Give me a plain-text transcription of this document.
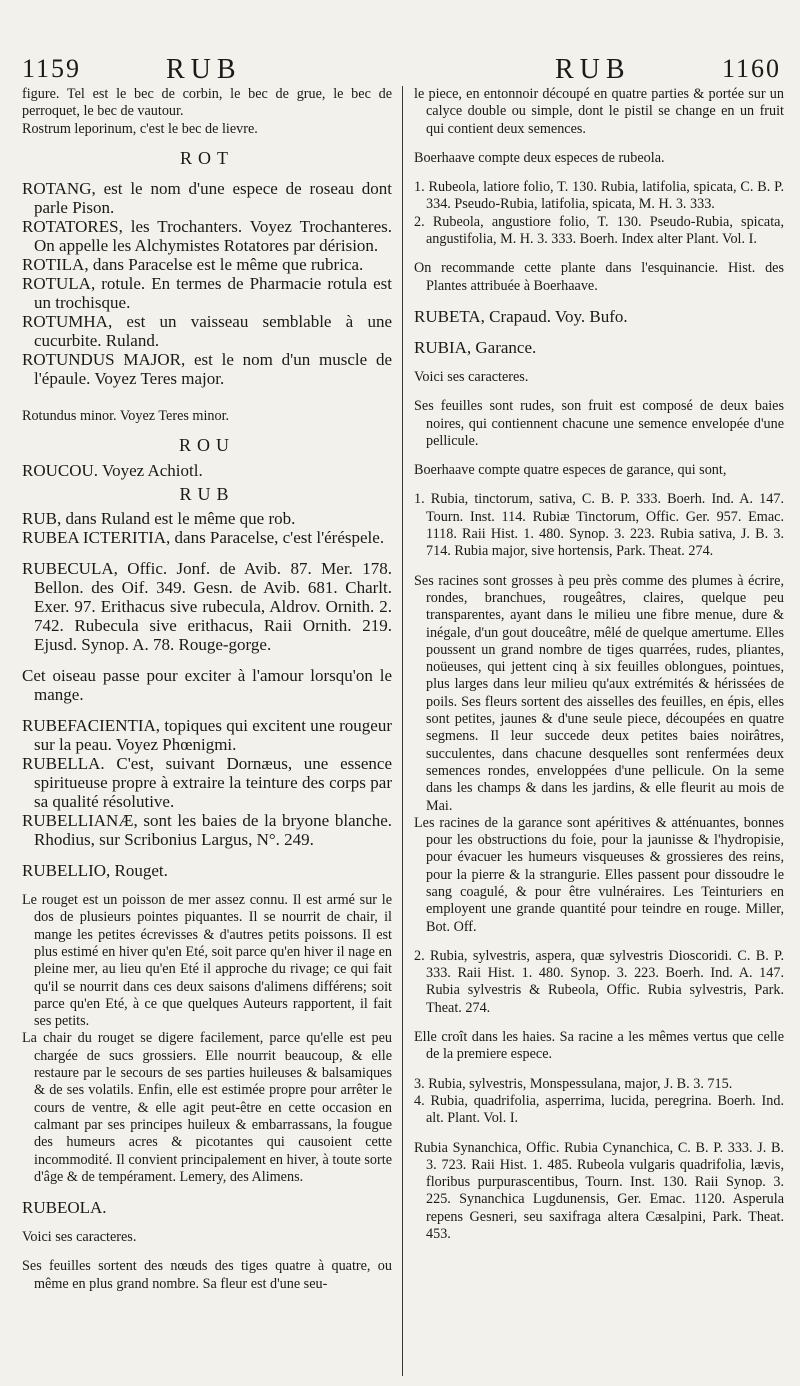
1159	RUB	RUB	1160

figure. Tel est le bec de corbin, le bec de grue, le bec de perroquet, le bec de vautour.

Rostrum leporinum, c'est le bec de lievre.

ROT

ROTANG, est le nom d'une espece de roseau dont parle Pison.

ROTATORES, les Trochanters. Voyez Trochanteres. On appelle les Alchymistes Rotatores par dérision.

ROTILA, dans Paracelse est le même que rubrica.

ROTULA, rotule. En termes de Pharmacie rotula est un trochisque.

ROTUMHA, est un vaisseau semblable à une cucurbite. Ruland.

ROTUNDUS MAJOR, est le nom d'un muscle de l'épaule. Voyez Teres major.

Rotundus minor. Voyez Teres minor.

ROU

ROUCOU. Voyez Achiotl.

RUB

RUB, dans Ruland est le même que rob.

RUBEA ICTERITIA, dans Paracelse, c'est l'éréspele.

RUBECULA, Offic. Jonf. de Avib. 87. Mer. 178. Bellon. des Oif. 349. Gesn. de Avib. 681. Charlt. Exer. 97. Erithacus sive rubecula, Aldrov. Ornith. 2. 742. Rubecula sive erithacus, Raii Ornith. 219. Ejusd. Synop. A. 78. Rouge-gorge.

Cet oiseau passe pour exciter à l'amour lorsqu'on le mange.

RUBEFACIENTIA, topiques qui excitent une rougeur sur la peau. Voyez Phœnigmi.

RUBELLA. C'est, suivant Dornæus, une essence spiritueuse propre à extraire la teinture des corps par sa qualité résolutive.

RUBELLIANÆ, sont les baies de la bryone blanche. Rhodius, sur Scribonius Largus, N°. 249.

RUBELLIO, Rouget.

Le rouget est un poisson de mer assez connu. Il est armé sur le dos de plusieurs pointes piquantes. Il se nourrit de chair, il mange les petites écrevisses & d'autres petits poissons. Il est plus estimé en hiver qu'en Eté, soit parce qu'en hiver il nage en pleine mer, au lieu qu'en Eté il approche du rivage; ce qui fait qu'il se nourrit dans ces deux saisons d'alimens différens; soit parce qu'en Eté, à ce que quelques Auteurs rapportent, il fait ses petits.

La chair du rouget se digere facilement, parce qu'elle est peu chargée de sucs grossiers. Elle nourrit beaucoup, & elle restaure par le secours de ses parties huileuses & balsamiques & de ses volatils. Enfin, elle est estimée propre pour arrêter le cours de ventre, & elle agit peut-être en cette occasion en calmant par ses principes huileux & embarrassans, la fougue des humeurs acres & picotantes qui causoient cette incommodité. Il convient principalement en hiver, à toute sorte d'âge & de tempérament. Lemery, des Alimens.

RUBEOLA.

Voici ses caracteres.

Ses feuilles sortent des nœuds des tiges quatre à quatre, ou même en plus grand nombre. Sa fleur est d'une seu-

le piece, en entonnoir découpé en quatre parties & portée sur un calyce double ou simple, dont le pistil se change en un fruit qui contient deux semences.

Boerhaave compte deux especes de rubeola.

1. Rubeola, latiore folio, T. 130. Rubia, latifolia, spicata, C. B. P. 334. Pseudo-Rubia, latifolia, spicata, M. H. 3. 333.

2. Rubeola, angustiore folio, T. 130. Pseudo-Rubia, spicata, angustifolia, M. H. 3. 333. Boerh. Index alter Plant. Vol. I.

On recommande cette plante dans l'esquinancie. Hist. des Plantes attribuée à Boerhaave.

RUBETA, Crapaud. Voy. Bufo.

RUBIA, Garance.

Voici ses caracteres.

Ses feuilles sont rudes, son fruit est composé de deux baies noires, qui contiennent chacune une semence envelopée d'une pellicule.

Boerhaave compte quatre especes de garance, qui sont,

1. Rubia, tinctorum, sativa, C. B. P. 333. Boerh. Ind. A. 147. Tourn. Inst. 114. Rubiæ Tinctorum, Offic. Ger. 957. Emac. 1118. Raii Hist. 1. 480. Synop. 3. 223. Rubia sativa, J. B. 3. 714. Rubia major, sive hortensis, Park. Theat. 274.

Ses racines sont grosses à peu près comme des plumes à écrire, rondes, branchues, rougeâtres, claires, quelque peu transparentes, ayant dans le milieu une fibre menue, dure & inégale, d'un gout douceâtre, mêlé de quelque amertume. Elles poussent un grand nombre de tiges quarrées, rudes, pliantes, noüeuses, qui jettent cinq à six feuilles oblongues, pointues, plus larges dans leur milieu qu'aux extrémités & hérissées de poils. Ses fleurs sortent des aisselles des feuilles, en épis, elles sont petites, jaunes & d'une seule piece, découpées en quatre segmens. Il leur succede deux petites baies noirâtres, succulentes, dans chacune desquelles sont renfermées deux semences rondes, enveloppées d'une pellicule. On la seme dans les champs & dans les jardins, & elle fleurit au mois de Mai.

Les racines de la garance sont apéritives & atténuantes, bonnes pour les obstructions du foie, pour la jaunisse & l'hydropisie, pour évacuer les humeurs visqueuses & grossieres des reins, pour la pierre & la strangurie. Elles passent pour dissoudre le sang coagulé, & pour être vulnéraires. Les Teinturiers en employent une grande quantité pour teindre en rouge. Miller, Bot. Off.

2. Rubia, sylvestris, aspera, quæ sylvestris Dioscoridi. C. B. P. 333. Raii Hist. 1. 480. Synop. 3. 223. Boerh. Ind. A. 147. Rubia sylvestris & Rubeola, Offic. Rubia sylvestris, Park. Theat. 274.

Elle croît dans les haies. Sa racine a les mêmes vertus que celle de la premiere espece.

3. Rubia, sylvestris, Monspessulana, major, J. B. 3. 715.

4. Rubia, quadrifolia, asperrima, lucida, peregrina. Boerh. Ind. alt. Plant. Vol. I.

Rubia Synanchica, Offic. Rubia Cynanchica, C. B. P. 333. J. B. 3. 723. Raii Hist. 1. 485. Rubeola vulgaris quadrifolia, lævis, floribus purpurascentibus, Tourn. Inst. 130. Raii Synop. 3. 225. Synanchica Lugdunensis, Ger. Emac. 1120. Asperula repens Gesneri, seu saxifraga altera Cæsalpini, Park. Theat. 453.
